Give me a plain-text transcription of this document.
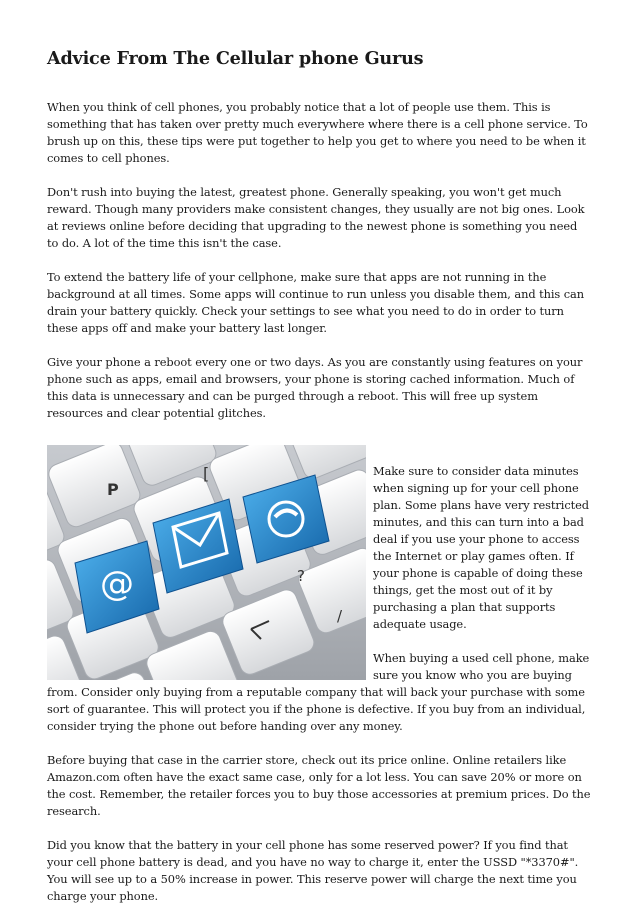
Advice From The Cellular phone Gurus

When you think of cell phones, you probably notice that a lot of people use them. This is something that has taken over pretty much everywhere where there is a cell phone service. To brush up on this, these tips were put together to help you get to where you need to be when it comes to cell phones.

Don't rush into buying the latest, greatest phone. Generally speaking, you won't get much reward. Though many providers make consistent changes, they usually are not big ones. Look at reviews online before deciding that upgrading to the newest phone is something you need to do. A lot of the time this isn't the case.

To extend the battery life of your cellphone, make sure that apps are not running in the background at all times. Some apps will continue to run unless you disable them, and this can drain your battery quickly. Check your settings to see what you need to do in order to turn these apps off and make your battery last longer.

Give your phone a reboot every one or two days. As you are constantly using features on your phone such as apps, email and browsers, your phone is storing cached information. Much of this data is unnecessary and can be purged through a reboot. This will free up system resources and clear potential glitches.

@
P
[
?
/

Make sure to consider data minutes when signing up for your cell phone plan. Some plans have very restricted minutes, and this can turn into a bad deal if you use your phone to access the Internet or play games often. If your phone is capable of doing these things, get the most out of it by purchasing a plan that supports adequate usage.

When buying a used cell phone, make sure you know who you are buying from. Consider only buying from a reputable company that will back your purchase with some sort of guarantee. This will protect you if the phone is defective. If you buy from an individual, consider trying the phone out before handing over any money.

Before buying that case in the carrier store, check out its price online. Online retailers like Amazon.com often have the exact same case, only for a lot less. You can save 20% or more on the cost. Remember, the retailer forces you to buy those accessories at premium prices. Do the research.

Did you know that the battery in your cell phone has some reserved power? If you find that your cell phone battery is dead, and you have no way to charge it, enter the USSD "*3370#". You will see up to a 50% increase in power. This reserve power will charge the next time you charge your phone.
